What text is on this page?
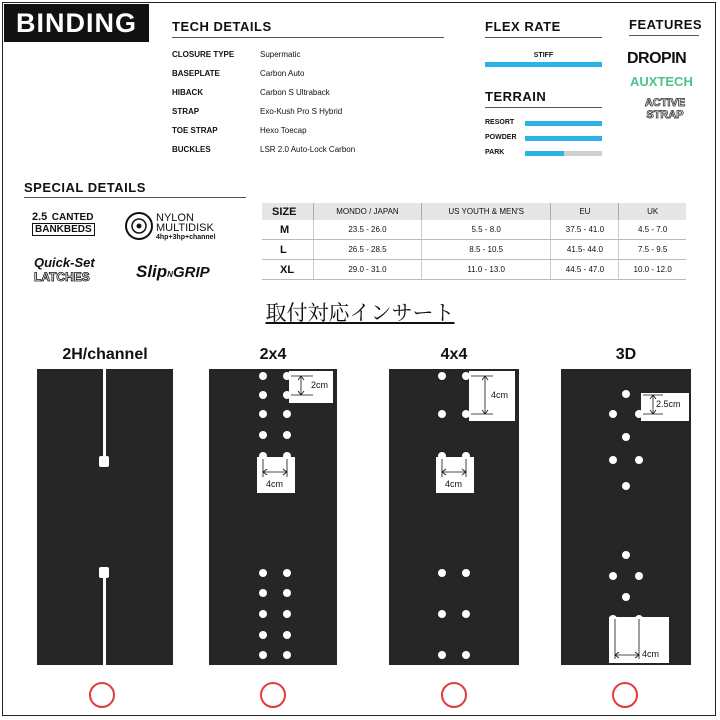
BINDING	TECH DETAILS
CLOSURE TYPE	Supermatic
BASEPLATE	Carbon Auto
HIBACK	Carbon S Ultraback
STRAP	Exo-Kush Pro S Hybrid
TOE STRAP	Hexo Toecap
BUCKLES	LSR 2.0 Auto-Lock Carbon
FLEX RATE
STIFF
TERRAIN
RESORT
POWDER
PARK
FEATURES
DROPIN
AUXTECH
ACTIVE
STRAP
SPECIAL DETAILS
2.5 CANTED
BANKBEDS
NYLON
MULTIDISK
4hp+3hp+channel
Quick-Set
LATCHES	SlipNGRIP
SIZE	MONDO / JAPAN	US YOUTH & MEN'S	EU	UK
M	23.5 - 26.0	5.5 - 8.0	37.5 - 41.0	4.5 - 7.0
L	26.5 - 28.5	8.5 - 10.5	41.5- 44.0	7.5 - 9.5
XL	29.0 - 31.0	11.0 - 13.0	44.5 - 47.0	10.0 - 12.0
取付対応インサート
2H/channel	2x4	4x4	3D
2cm
4cm
4cm
4cm
2.5cm
4cm
